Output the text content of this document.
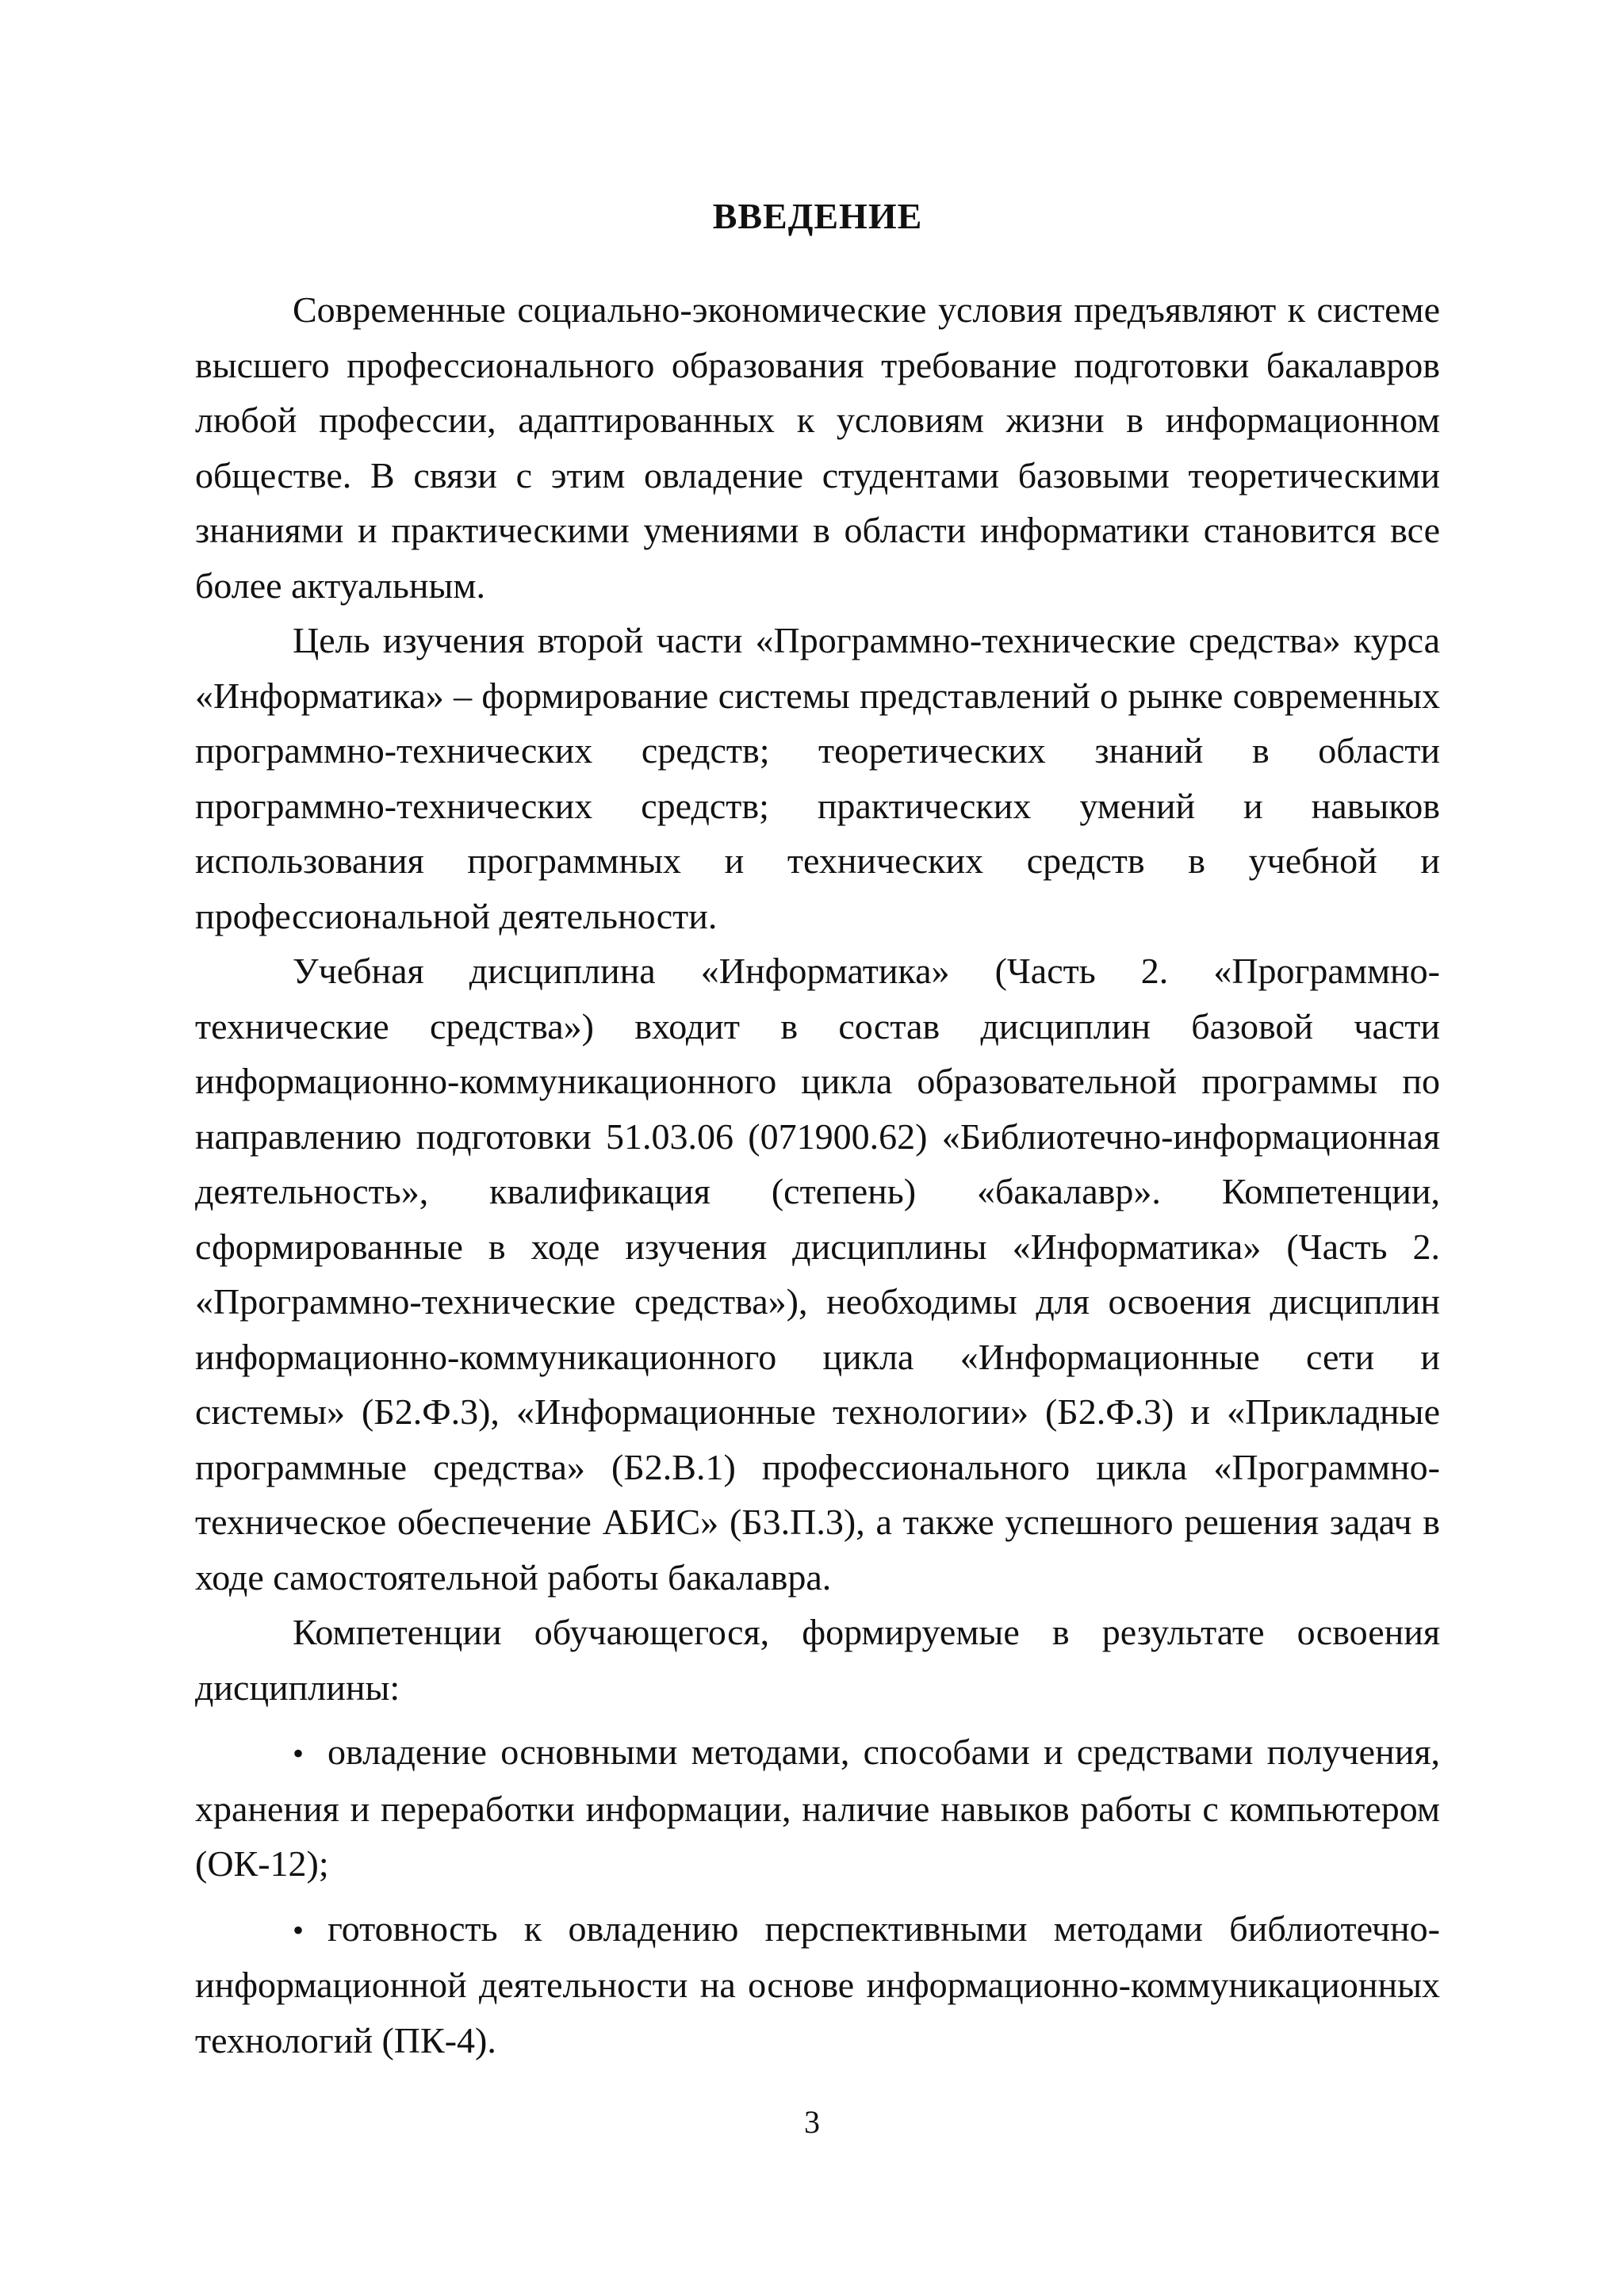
ВВЕДЕНИЕ

Современные социально-экономические условия предъявляют к системе высшего профессионального образования требование подготовки бакалавров любой профессии, адаптированных к условиям жизни в информационном обществе. В связи с этим овладение студентами базовыми теоретическими знаниями и практическими умениями в области информатики становится все более актуальным.

Цель изучения второй части «Программно-технические средства» курса «Информатика» – формирование системы представлений о рынке современных программно-технических средств; теоретических знаний в области программно-технических средств; практических умений и навыков использования программных и технических средств в учебной и профессиональной деятельности.

Учебная дисциплина «Информатика» (Часть 2. «Программно-технические средства») входит в состав дисциплин базовой части информационно-коммуникационного цикла образовательной программы по направлению подготовки 51.03.06 (071900.62) «Библиотечно-информационная деятельность», квалификация (степень) «бакалавр». Компетенции, сформированные в ходе изучения дисциплины «Информатика» (Часть 2. «Программно-технические средства»), необходимы для освоения дисциплин информационно-коммуникационного цикла «Информационные сети и системы» (Б2.Ф.3), «Информационные технологии» (Б2.Ф.3) и «Прикладные программные средства» (Б2.В.1) профессионального цикла «Программно-техническое обеспечение АБИС» (Б3.П.3), а также успешного решения задач в ходе самостоятельной работы бакалавра.

Компетенции обучающегося, формируемые в результате освоения дисциплины:

• овладение основными методами, способами и средствами получения, хранения и переработки информации, наличие навыков работы с компьютером (ОК-12);
• готовность к овладению перспективными методами библиотечно-информационной деятельности на основе информационно-коммуникационных технологий (ПК-4).
3
